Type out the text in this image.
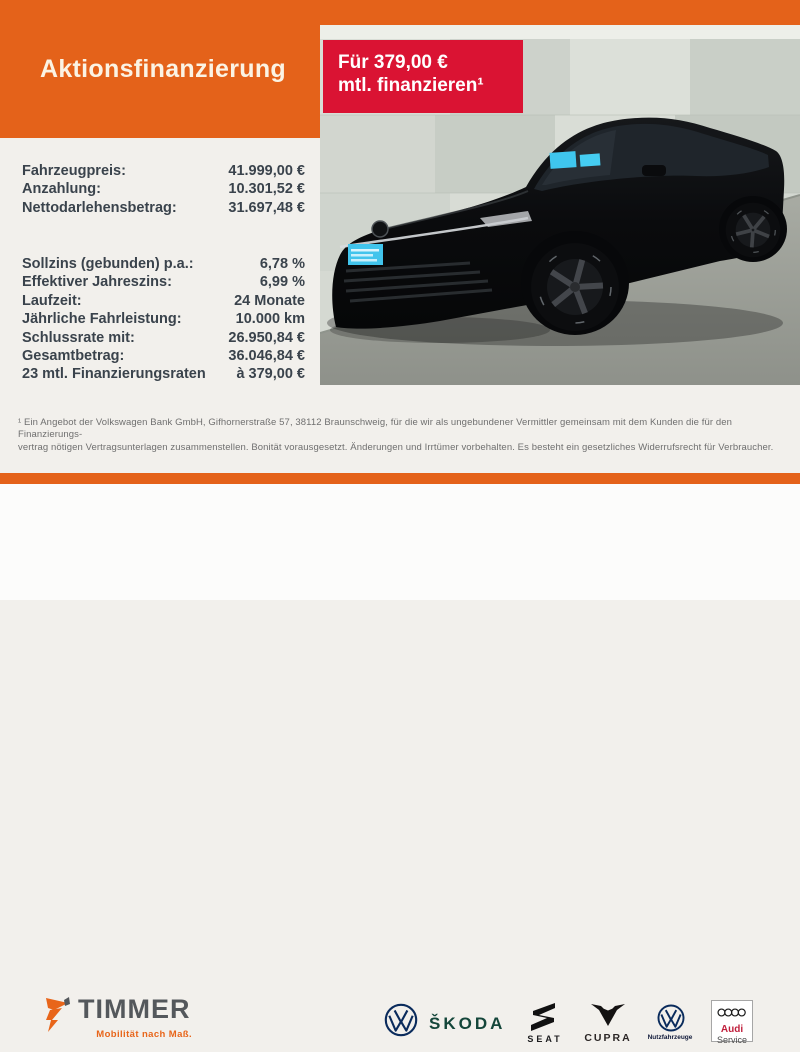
Aktionsfinanzierung	Für 379,00 €
mtl. finanzieren¹
Fahrzeugpreis:	41.999,00 €
Anzahlung:	10.301,52 €
Nettodarlehensbetrag:	31.697,48 €
Sollzins (gebunden) p.a.:	6,78 %
Effektiver Jahreszins:	6,99 %
Laufzeit:	24 Monate
Jährliche Fahrleistung:	10.000 km
Schlussrate mit:	26.950,84 €
Gesamtbetrag:	36.046,84 €
23 mtl. Finanzierungsraten à 379,00 €
¹ Ein Angebot der Volkswagen Bank GmbH, Gifhornerstraße 57, 38112 Braunschweig, für die wir als ungebundener Vermittler gemeinsam mit dem Kunden die für den Finanzierungs-
vertrag nötigen Vertragsunterlagen zusammenstellen. Bonität vorausgesetzt. Änderungen und Irrtümer vorbehalten. Es besteht ein gesetzliches Widerrufsrecht für Verbraucher.
TIMMER
Mobilität nach Maß.
ŠKODA
SEAT	CUPRA	Nutzfahrzeuge
Audi
Service
